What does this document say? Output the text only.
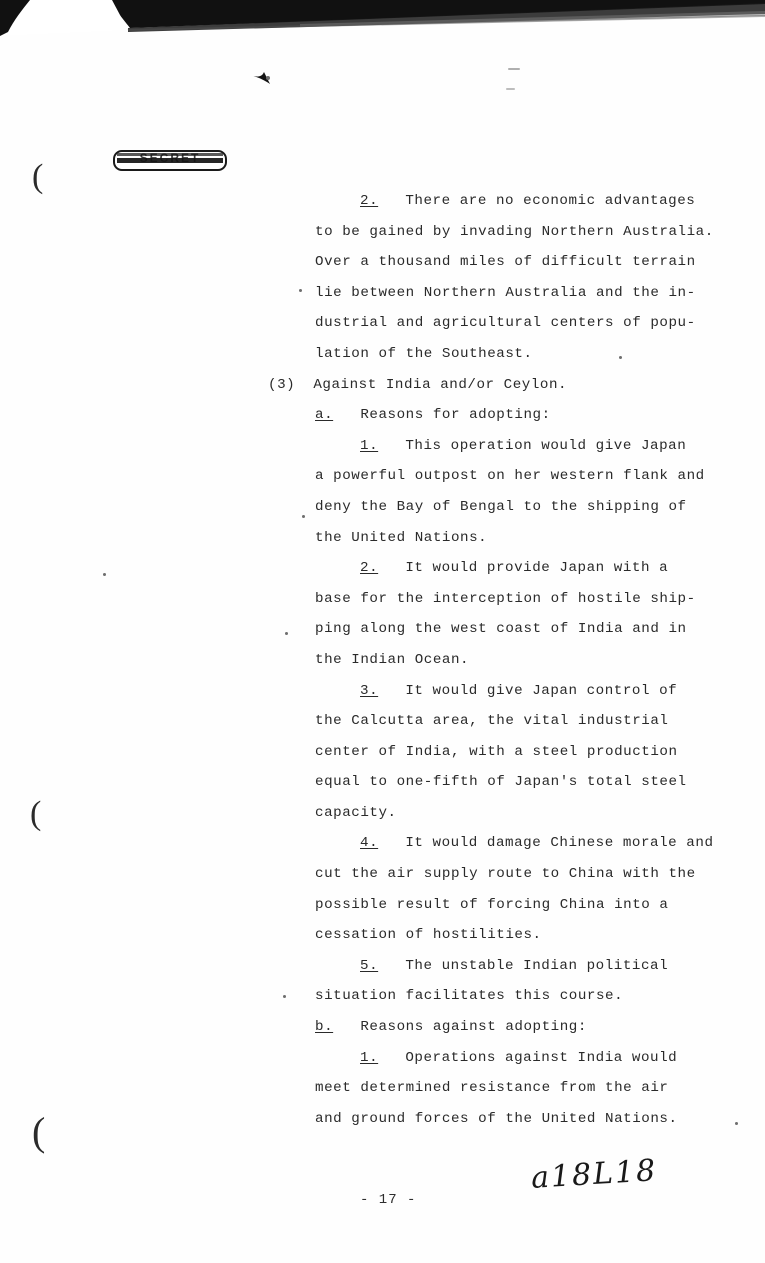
2.   There are no economic advantages
to be gained by invading Northern Australia.
Over a thousand miles of difficult terrain
lie between Northern Australia and the in-
dustrial and agricultural centers of popu-
lation of the Southeast.
(3)  Against India and/or Ceylon.
a.   Reasons for adopting:
1.   This operation would give Japan
a powerful outpost on her western flank and
deny the Bay of Bengal to the shipping of
the United Nations.
2.   It would provide Japan with a
base for the interception of hostile ship-
ping along the west coast of India and in
the Indian Ocean.
3.   It would give Japan control of
the Calcutta area, the vital industrial
center of India, with a steel production
equal to one-fifth of Japan's total steel
capacity.
4.   It would damage Chinese morale and
cut the air supply route to China with the
possible result of forcing China into a
cessation of hostilities.
5.   The unstable Indian political
situation facilitates this course.
b.   Reasons against adopting:
1.   Operations against India would
meet determined resistance from the air
and ground forces of the United Nations.
- 17 -
a18L18
(
(
(
